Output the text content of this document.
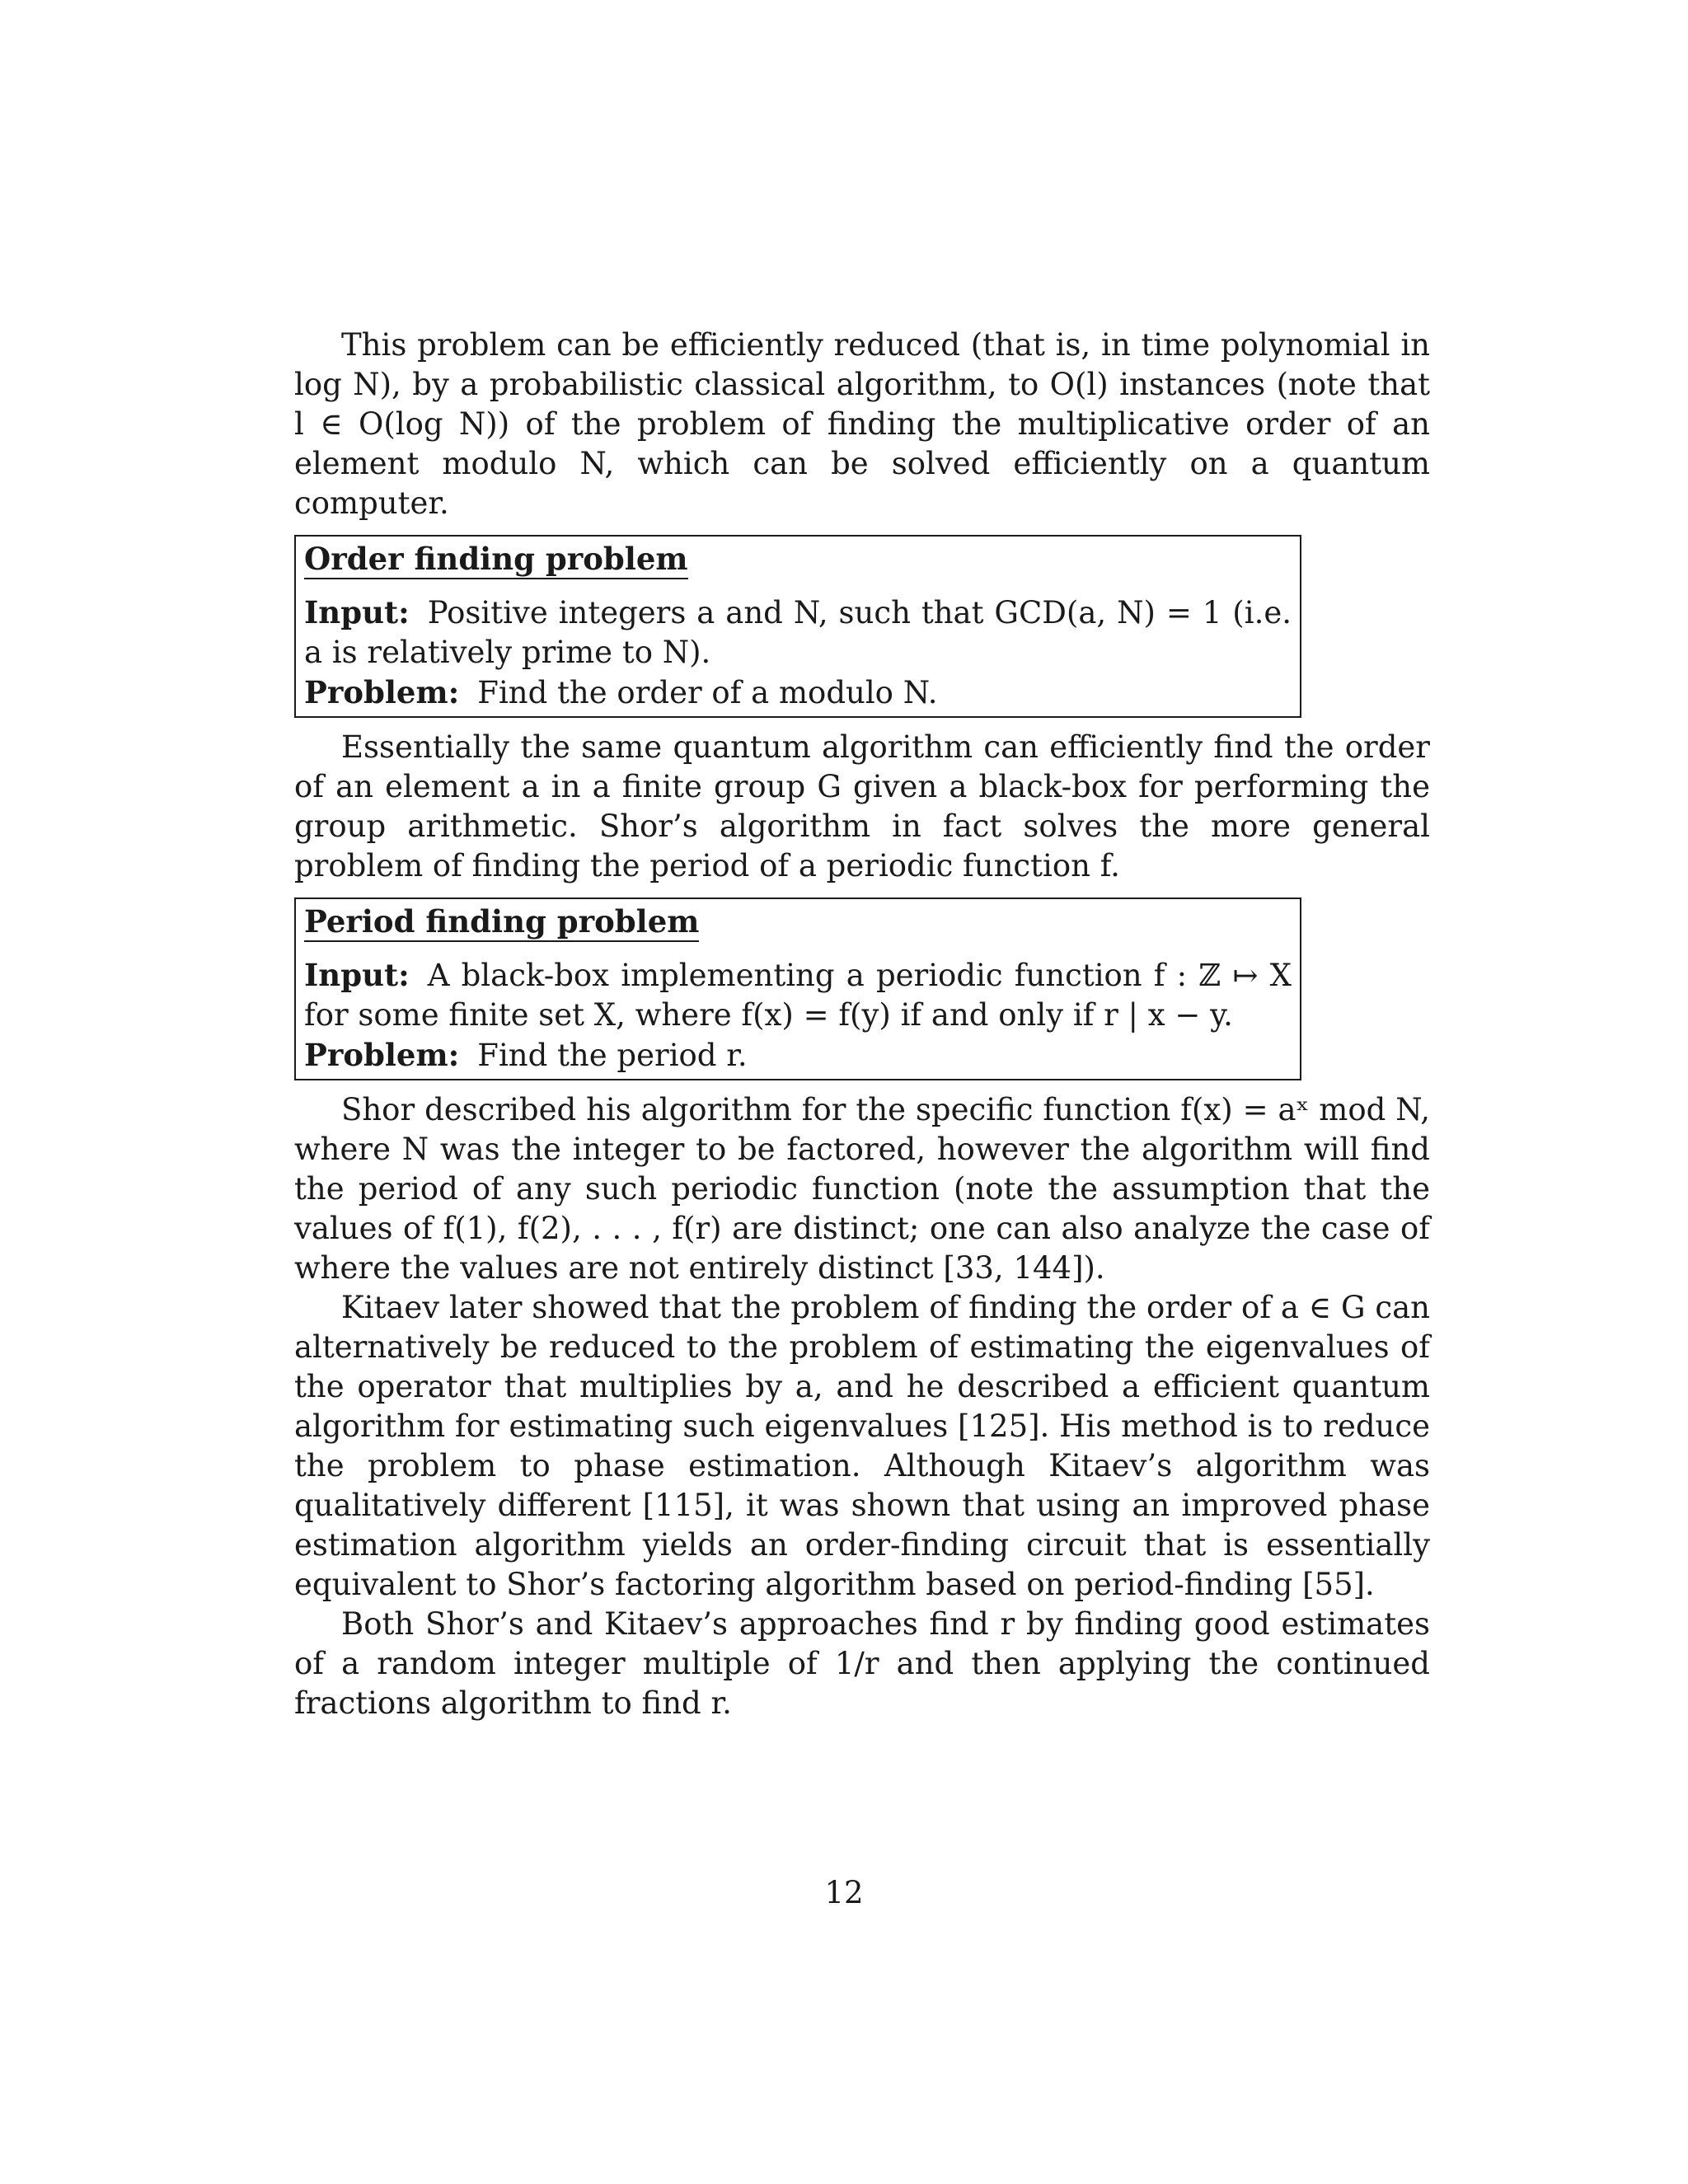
This problem can be efficiently reduced (that is, in time polynomial in log N), by a probabilistic classical algorithm, to O(l) instances (note that l ∈ O(log N)) of the problem of finding the multiplicative order of an element modulo N, which can be solved efficiently on a quantum computer.

Order finding problem
Input: Positive integers a and N, such that GCD(a, N) = 1 (i.e. a is relatively prime to N).
Problem: Find the order of a modulo N.

Essentially the same quantum algorithm can efficiently find the order of an element a in a finite group G given a black-box for performing the group arithmetic. Shor’s algorithm in fact solves the more general problem of finding the period of a periodic function f.

Period finding problem
Input: A black-box implementing a periodic function f : ℤ ↦ X for some finite set X, where f(x) = f(y) if and only if r | x − y.
Problem: Find the period r.

Shor described his algorithm for the specific function f(x) = aˣ mod N, where N was the integer to be factored, however the algorithm will find the period of any such periodic function (note the assumption that the values of f(1), f(2), . . . , f(r) are distinct; one can also analyze the case of where the values are not entirely distinct [33, 144]).

Kitaev later showed that the problem of finding the order of a ∈ G can alternatively be reduced to the problem of estimating the eigenvalues of the operator that multiplies by a, and he described a efficient quantum algorithm for estimating such eigenvalues [125]. His method is to reduce the problem to phase estimation. Although Kitaev’s algorithm was qualitatively different [115], it was shown that using an improved phase estimation algorithm yields an order-finding circuit that is essentially equivalent to Shor’s factoring algorithm based on period-finding [55].

Both Shor’s and Kitaev’s approaches find r by finding good estimates of a random integer multiple of 1/r and then applying the continued fractions algorithm to find r.

12
